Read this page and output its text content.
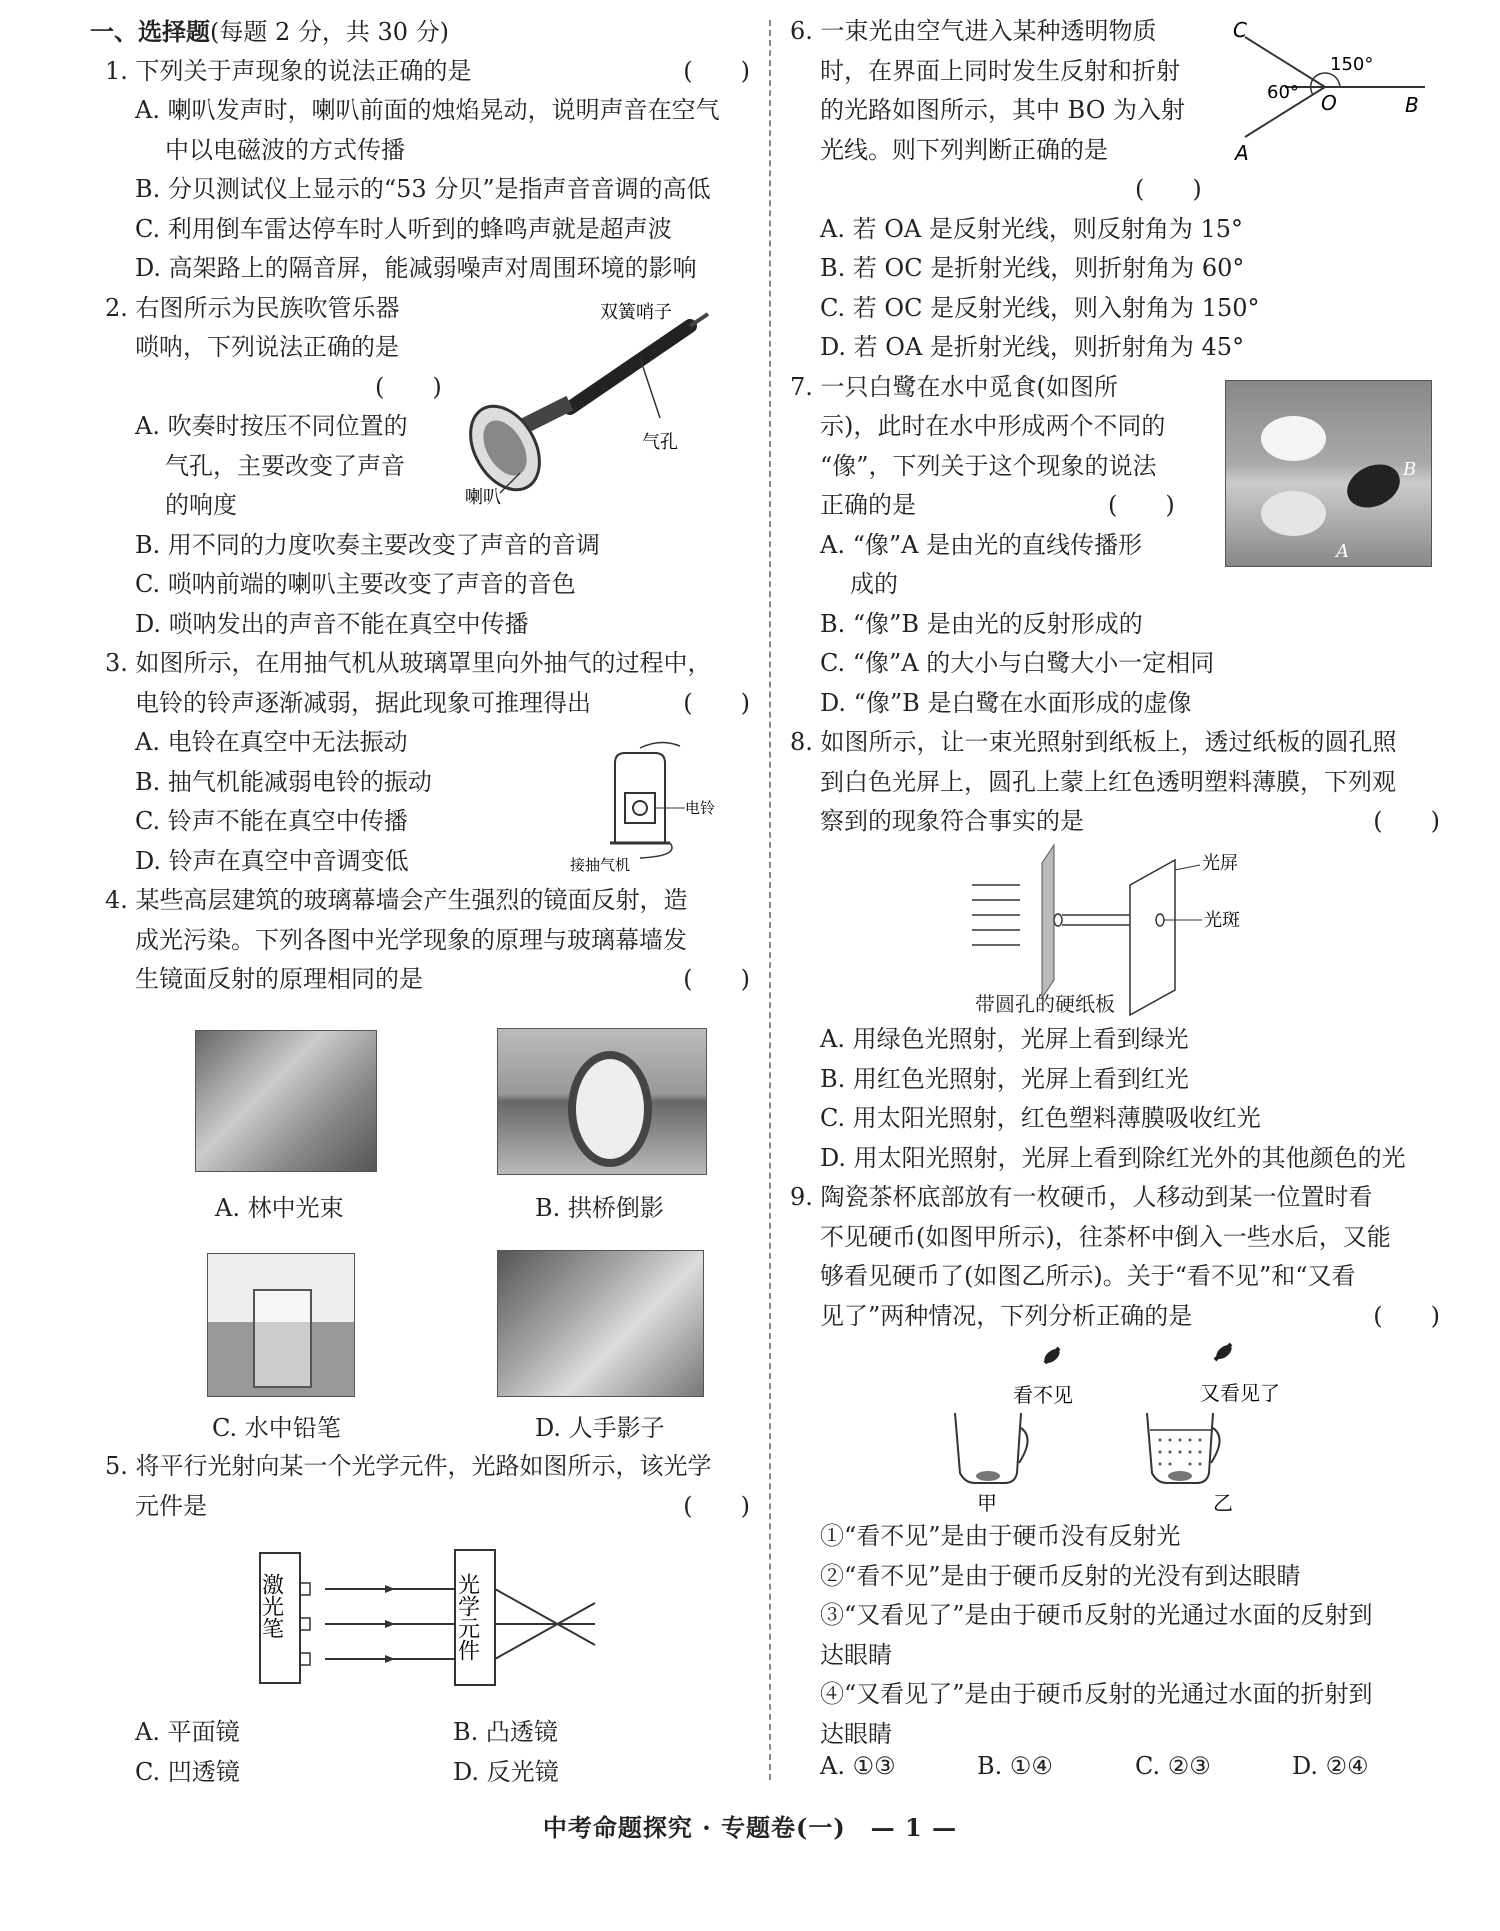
一、选择题(每题 2 分，共 30 分)
1. 下列关于声现象的说法正确的是	(　　)
A. 喇叭发声时，喇叭前面的烛焰晃动，说明声音在空气
中以电磁波的方式传播
B. 分贝测试仪上显示的“53 分贝”是指声音音调的高低
C. 利用倒车雷达停车时人听到的蜂鸣声就是超声波
D. 高架路上的隔音屏，能减弱噪声对周围环境的影响
2. 右图所示为民族吹管乐器
唢呐，下列说法正确的是
(　　)
A. 吹奏时按压不同位置的
气孔，主要改变了声音
的响度
B. 用不同的力度吹奏主要改变了声音的音调
C. 唢呐前端的喇叭主要改变了声音的音色
D. 唢呐发出的声音不能在真空中传播
3. 如图所示，在用抽气机从玻璃罩里向外抽气的过程中，
电铃的铃声逐渐减弱，据此现象可推理得出	(　　)
A. 电铃在真空中无法振动
B. 抽气机能减弱电铃的振动
C. 铃声不能在真空中传播
D. 铃声在真空中音调变低
4. 某些高层建筑的玻璃幕墙会产生强烈的镜面反射，造
成光污染。下列各图中光学现象的原理与玻璃幕墙发
生镜面反射的原理相同的是	(　　)
双簧哨子
喇叭
气孔
电铃
接抽气机
A. 林中光束	B. 拱桥倒影
C. 水中铅笔	D. 人手影子
5. 将平行光射向某一个光学元件，光路如图所示，该光学
元件是	(　　)
激光笔	光学元件
A. 平面镜	B. 凸透镜
C. 凹透镜	D. 反光镜
6. 一束光由空气进入某种透明物质
时，在界面上同时发生反射和折射
的光路如图所示，其中 BO 为入射
光线。则下列判断正确的是
(　　)
A. 若 OA 是反射光线，则反射角为 15°
B. 若 OC 是折射光线，则折射角为 60°
C. 若 OC 是反射光线，则入射角为 150°
D. 若 OA 是折射光线，则折射角为 45°
7. 一只白鹭在水中觅食(如图所
示)，此时在水中形成两个不同的
“像”，下列关于这个现象的说法
正确的是	(　　)
A. “像”A 是由光的直线传播形
成的
B. “像”B 是由光的反射形成的
C. “像”A 的大小与白鹭大小一定相同
D. “像”B 是白鹭在水面形成的虚像
8. 如图所示，让一束光照射到纸板上，透过纸板的圆孔照
到白色光屏上，圆孔上蒙上红色透明塑料薄膜，下列观
察到的现象符合事实的是	(　　)
C
O	B
A
150°
60°
B
A
光屏
光斑
带圆孔的硬纸板
A. 用绿色光照射，光屏上看到绿光
B. 用红色光照射，光屏上看到红光
C. 用太阳光照射，红色塑料薄膜吸收红光
D. 用太阳光照射，光屏上看到除红光外的其他颜色的光
9. 陶瓷茶杯底部放有一枚硬币，人移动到某一位置时看
不见硬币(如图甲所示)，往茶杯中倒入一些水后，又能
够看见硬币了(如图乙所示)。关于“看不见”和“又看
见了”两种情况，下列分析正确的是	(　　)
看不见
甲
又看见了
乙
①“看不见”是由于硬币没有反射光
②“看不见”是由于硬币反射的光没有到达眼睛
③“又看见了”是由于硬币反射的光通过水面的反射到
达眼睛
④“又看见了”是由于硬币反射的光通过水面的折射到
达眼睛
A. ①③	B. ①④	C. ②③	D. ②④
中考命题探究 · 专题卷(一)　— 1 —
